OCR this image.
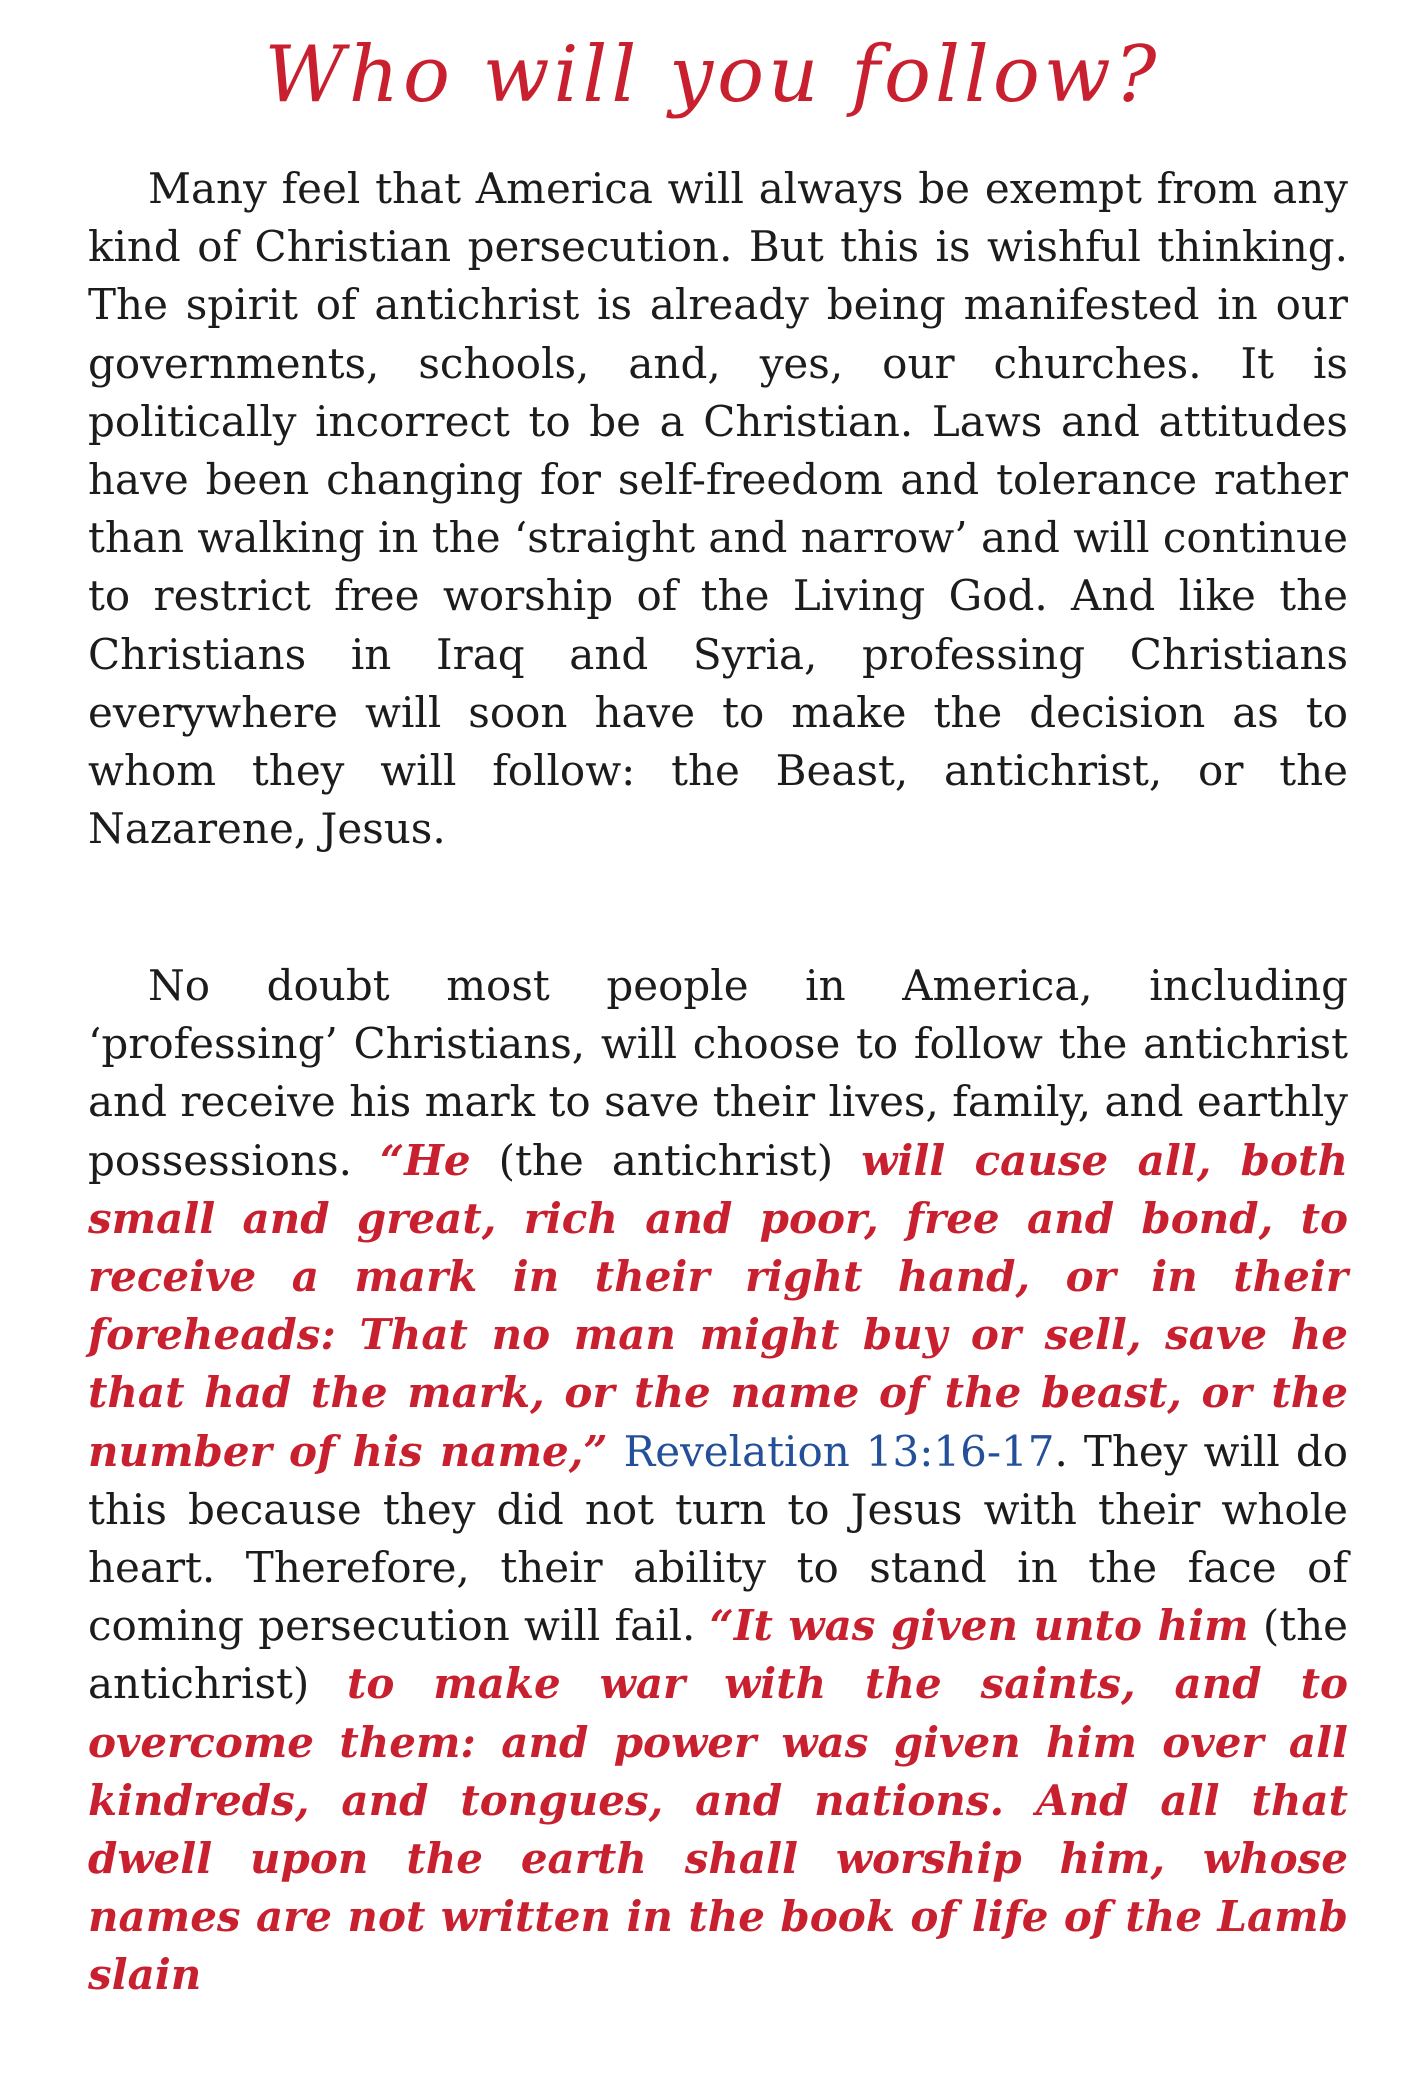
Who will you follow?

Many feel that America will always be exempt from any kind of Christian persecution. But this is wishful thinking. The spirit of antichrist is already being manifested in our governments, schools, and, yes, our churches. It is politically incorrect to be a Christian. Laws and attitudes have been changing for self-freedom and tolerance rather than walking in the ‘straight and narrow’ and will continue to restrict free worship of the Living God. And like the Christians in Iraq and Syria, professing Christians everywhere will soon have to make the decision as to whom they will follow: the Beast, antichrist, or the Nazarene, Jesus.

No doubt most people in America, including ‘professing’ Christians, will choose to follow the antichrist and receive his mark to save their lives, family, and earthly possessions. “He (the antichrist) will cause all, both small and great, rich and poor, free and bond, to receive a mark in their right hand, or in their foreheads: That no man might buy or sell, save he that had the mark, or the name of the beast, or the number of his name,” Revelation 13:16-17. They will do this because they did not turn to Jesus with their whole heart. Therefore, their ability to stand in the face of coming persecution will fail. “It was given unto him (the antichrist) to make war with the saints, and to overcome them: and power was given him over all kindreds, and tongues, and nations. And all that dwell upon the earth shall worship him, whose names are not written in the book of life of the Lamb slain
